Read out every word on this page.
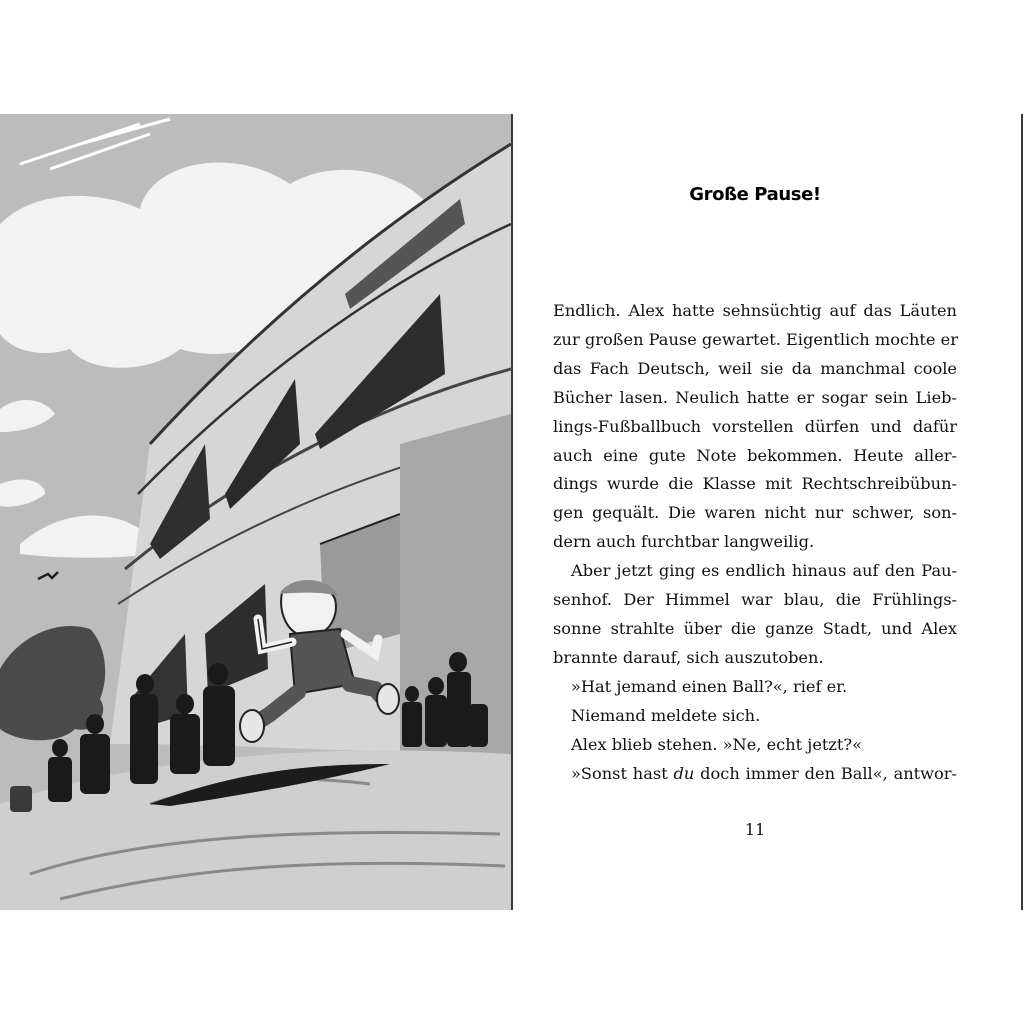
Große Pause!
Endlich. Alex hatte sehnsüchtig auf das Läuten
zur großen Pause gewartet. Eigentlich mochte er
das Fach Deutsch, weil sie da manchmal coole
Bücher lasen. Neulich hatte er sogar sein Lieb-
lings-Fußballbuch vorstellen dürfen und dafür
auch eine gute Note bekommen. Heute aller-
dings wurde die Klasse mit Rechtschreibübun-
gen gequält. Die waren nicht nur schwer, son-
dern auch furchtbar langweilig.
Aber jetzt ging es endlich hinaus auf den Pau-
senhof. Der Himmel war blau, die Frühlings-
sonne strahlte über die ganze Stadt, und Alex
brannte darauf, sich auszutoben.
»Hat jemand einen Ball?«, rief er.
Niemand meldete sich.
Alex blieb stehen. »Ne, echt jetzt?«
»Sonst hast du doch immer den Ball«, antwor-
11
